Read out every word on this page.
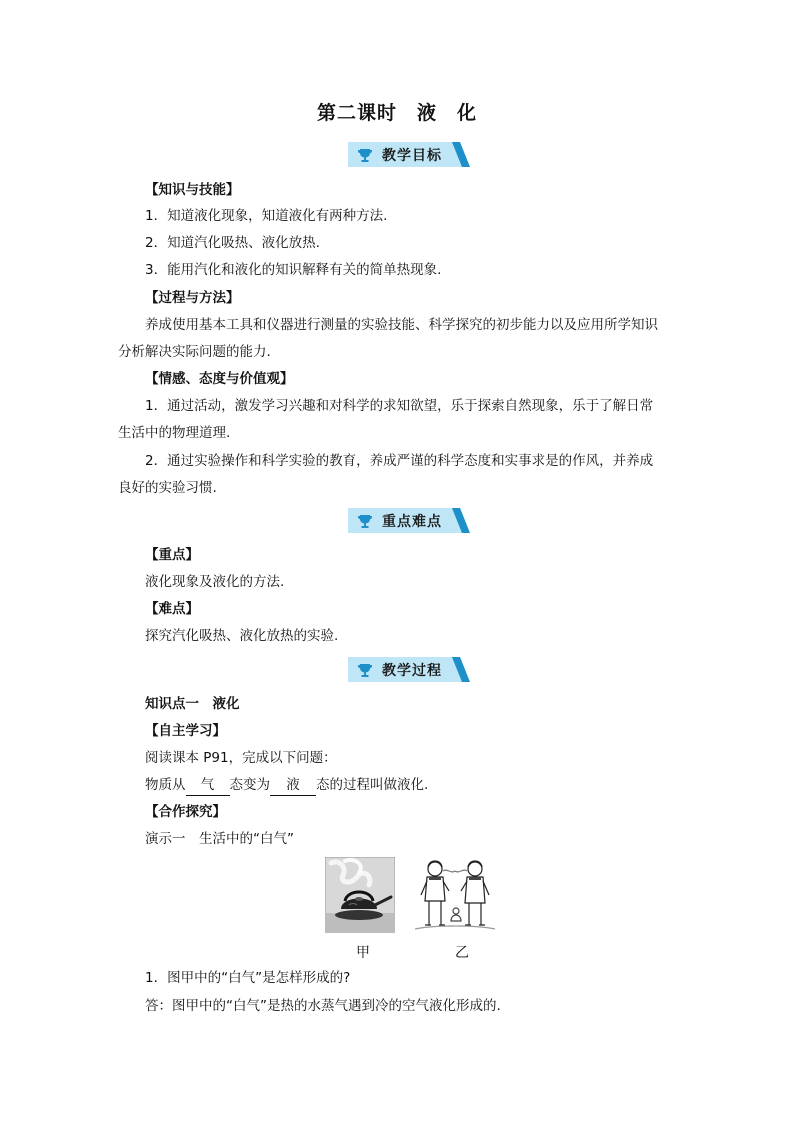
第二课时　液　化
教学目标
【知识与技能】
1．知道液化现象，知道液化有两种方法.
2．知道汽化吸热、液化放热.
3．能用汽化和液化的知识解释有关的简单热现象.
【过程与方法】
养成使用基本工具和仪器进行测量的实验技能、科学探究的初步能力以及应用所学知识
分析解决实际问题的能力.
【情感、态度与价值观】
1．通过活动，激发学习兴趣和对科学的求知欲望，乐于探索自然现象，乐于了解日常
生活中的物理道理.
2．通过实验操作和科学实验的教育，养成严谨的科学态度和实事求是的作风，并养成
良好的实验习惯.
重点难点
【重点】
液化现象及液化的方法.
【难点】
探究汽化吸热、液化放热的实验.
教学过程
知识点一　液化
【自主学习】
阅读课本 P91，完成以下问题：
物质从 气 态变为 液 态的过程叫做液化.
【合作探究】
演示一　生活中的“白气”
甲	乙
1．图甲中的“白气”是怎样形成的?
答：图甲中的“白气”是热的水蒸气遇到冷的空气液化形成的.
